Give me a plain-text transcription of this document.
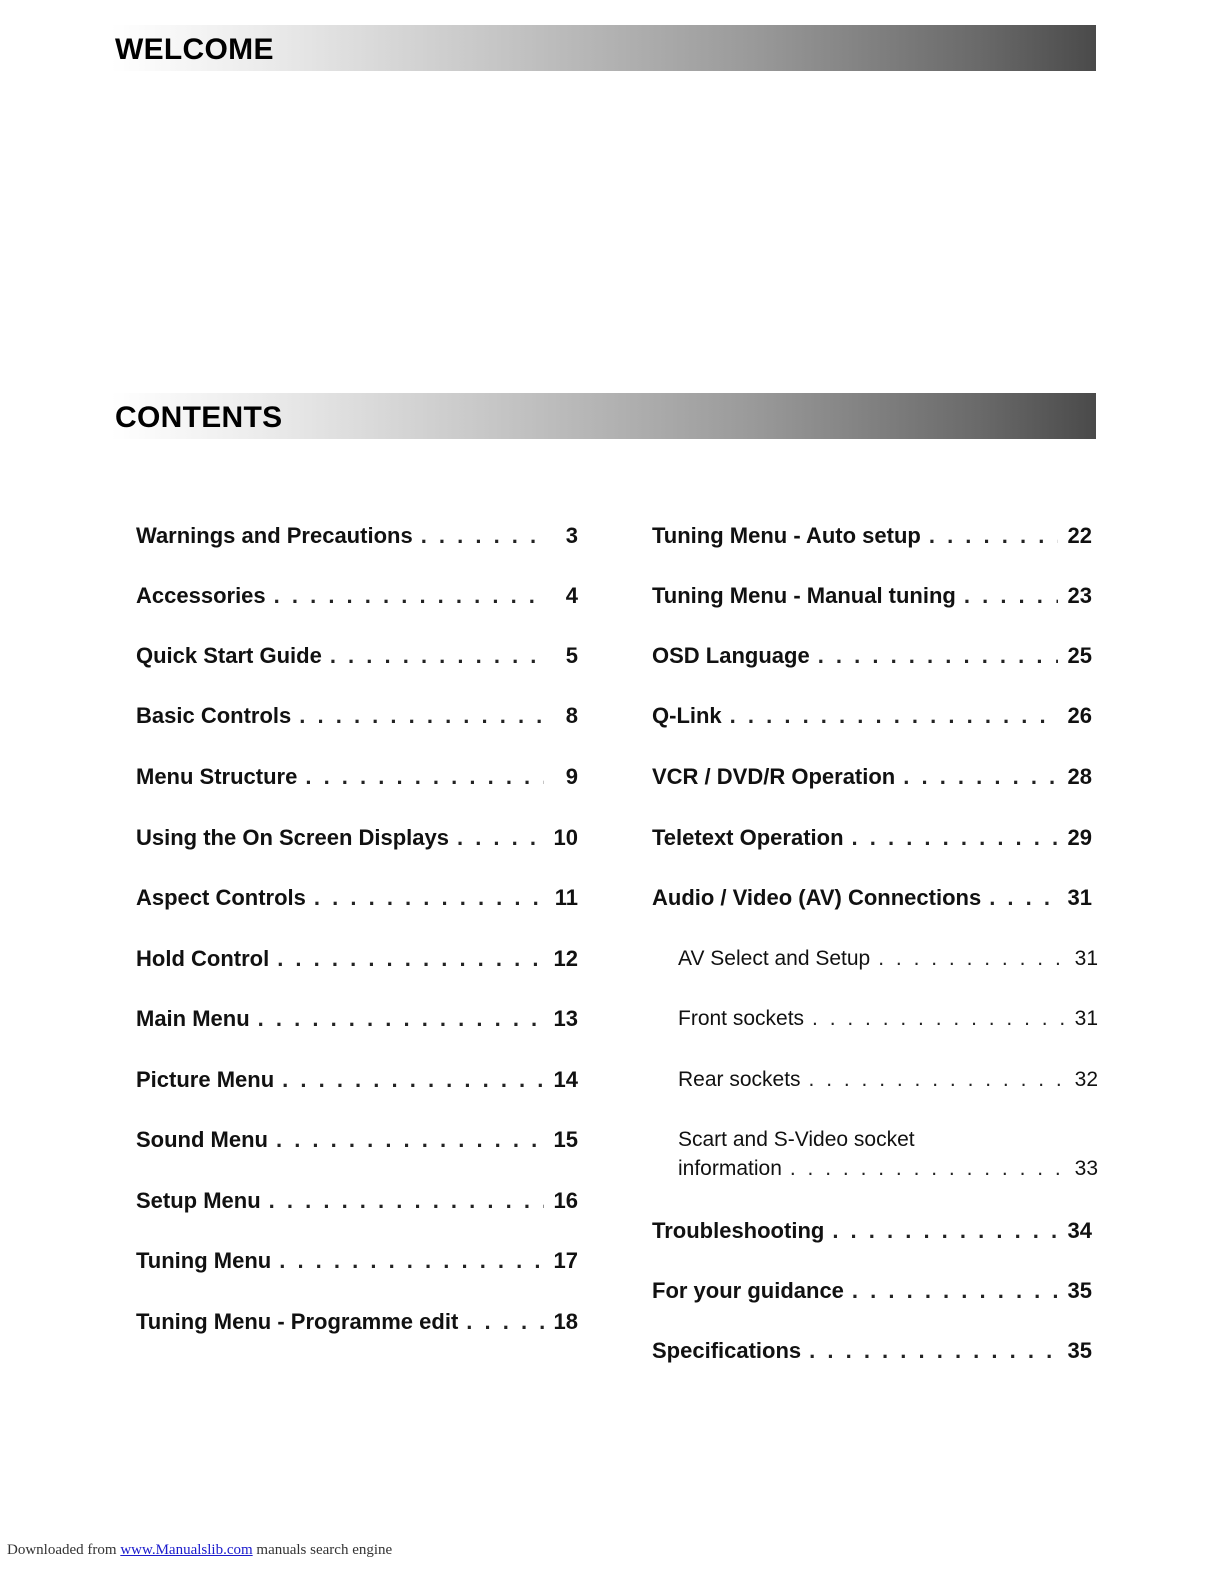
WELCOME
CONTENTS
Warnings and Precautions . . .	3
Accessories . . .	4
Quick Start Guide . . .	5
Basic Controls . . .	8
Menu Structure . . .	9
Using the On Screen Displays . . .	10
Aspect Controls . . .	11
Hold Control . . .	12
Main Menu . . .	13
Picture Menu . . .	14
Sound Menu . . .	15
Setup Menu . . .	16
Tuning Menu . . .	17
Tuning Menu - Programme edit . . .	18
Tuning Menu - Auto setup . . .	22
Tuning Menu - Manual tuning . . .	23
OSD Language . . .	25
Q-Link . . .	26
VCR / DVD/R Operation . . .	28
Teletext Operation . . .	29
Audio / Video (AV) Connections . . .	31
AV Select and Setup . . .	31
Front sockets . . .	31
Rear sockets . . .	32
Scart and S-Video socket
information . . .	33
Troubleshooting . . .	34
For your guidance . . .	35
Specifications . . .	35
Downloaded from www.Manualslib.com manuals search engine
